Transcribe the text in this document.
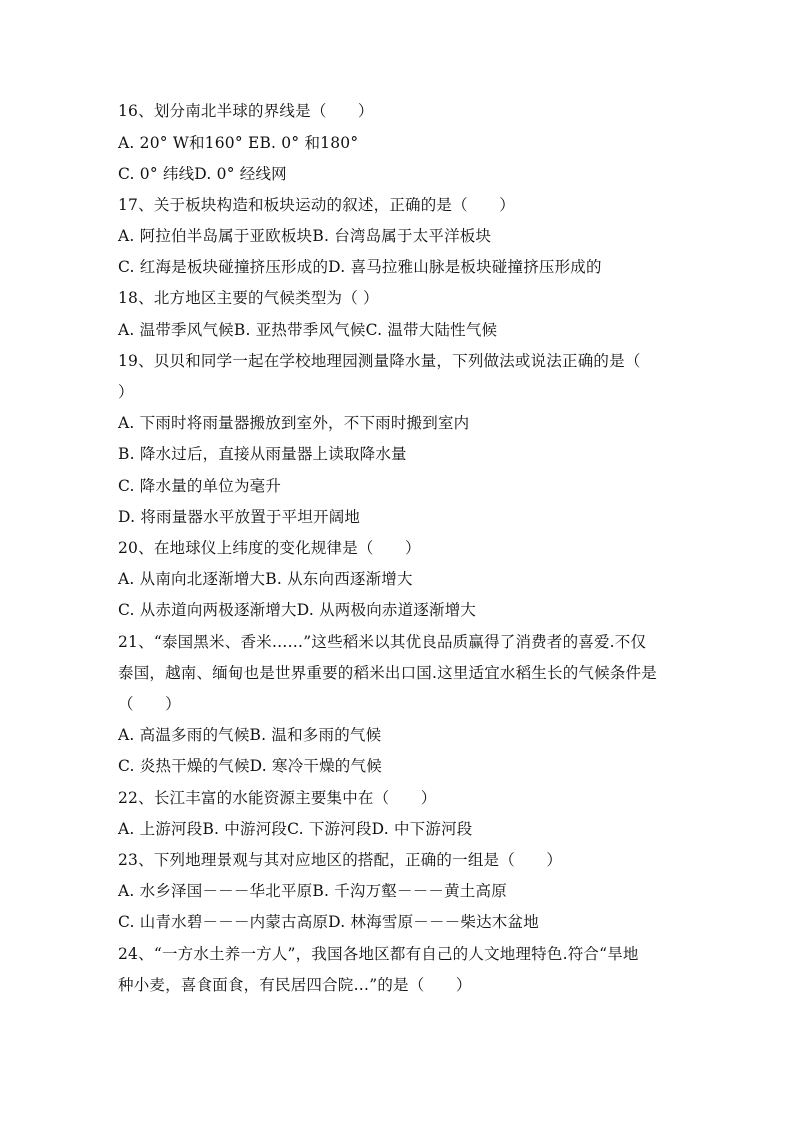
16、划分南北半球的界线是（　　）
A. 20° W和160° EB. 0° 和180°
C. 0° 纬线D. 0° 经线网
17、关于板块构造和板块运动的叙述，正确的是（　　）
A. 阿拉伯半岛属于亚欧板块B. 台湾岛属于太平洋板块
C. 红海是板块碰撞挤压形成的D. 喜马拉雅山脉是板块碰撞挤压形成的
18、北方地区主要的气候类型为（ ）
A. 温带季风气候B. 亚热带季风气候C. 温带大陆性气候
19、贝贝和同学一起在学校地理园测量降水量，下列做法或说法正确的是（
）
A. 下雨时将雨量器搬放到室外，不下雨时搬到室内
B. 降水过后，直接从雨量器上读取降水量
C. 降水量的单位为毫升
D. 将雨量器水平放置于平坦开阔地
20、在地球仪上纬度的变化规律是（　　）
A. 从南向北逐渐增大B. 从东向西逐渐增大
C. 从赤道向两极逐渐增大D. 从两极向赤道逐渐增大
21、“泰国黑米、香米……”这些稻米以其优良品质赢得了消费者的喜爱.不仅
泰国，越南、缅甸也是世界重要的稻米出口国.这里适宜水稻生长的气候条件是
（　　）
A. 高温多雨的气候B. 温和多雨的气候
C. 炎热干燥的气候D. 寒冷干燥的气候
22、长江丰富的水能资源主要集中在（　　）
A. 上游河段B. 中游河段C. 下游河段D. 中下游河段
23、下列地理景观与其对应地区的搭配，正确的一组是（　　）
A. 水乡泽国－－－华北平原B. 千沟万壑－－－黄土高原
C. 山青水碧－－－内蒙古高原D. 林海雪原－－－柴达木盆地
24、“一方水土养一方人”，我国各地区都有自己的人文地理特色.符合“旱地
种小麦，喜食面食，有民居四合院…”的是（　　）
